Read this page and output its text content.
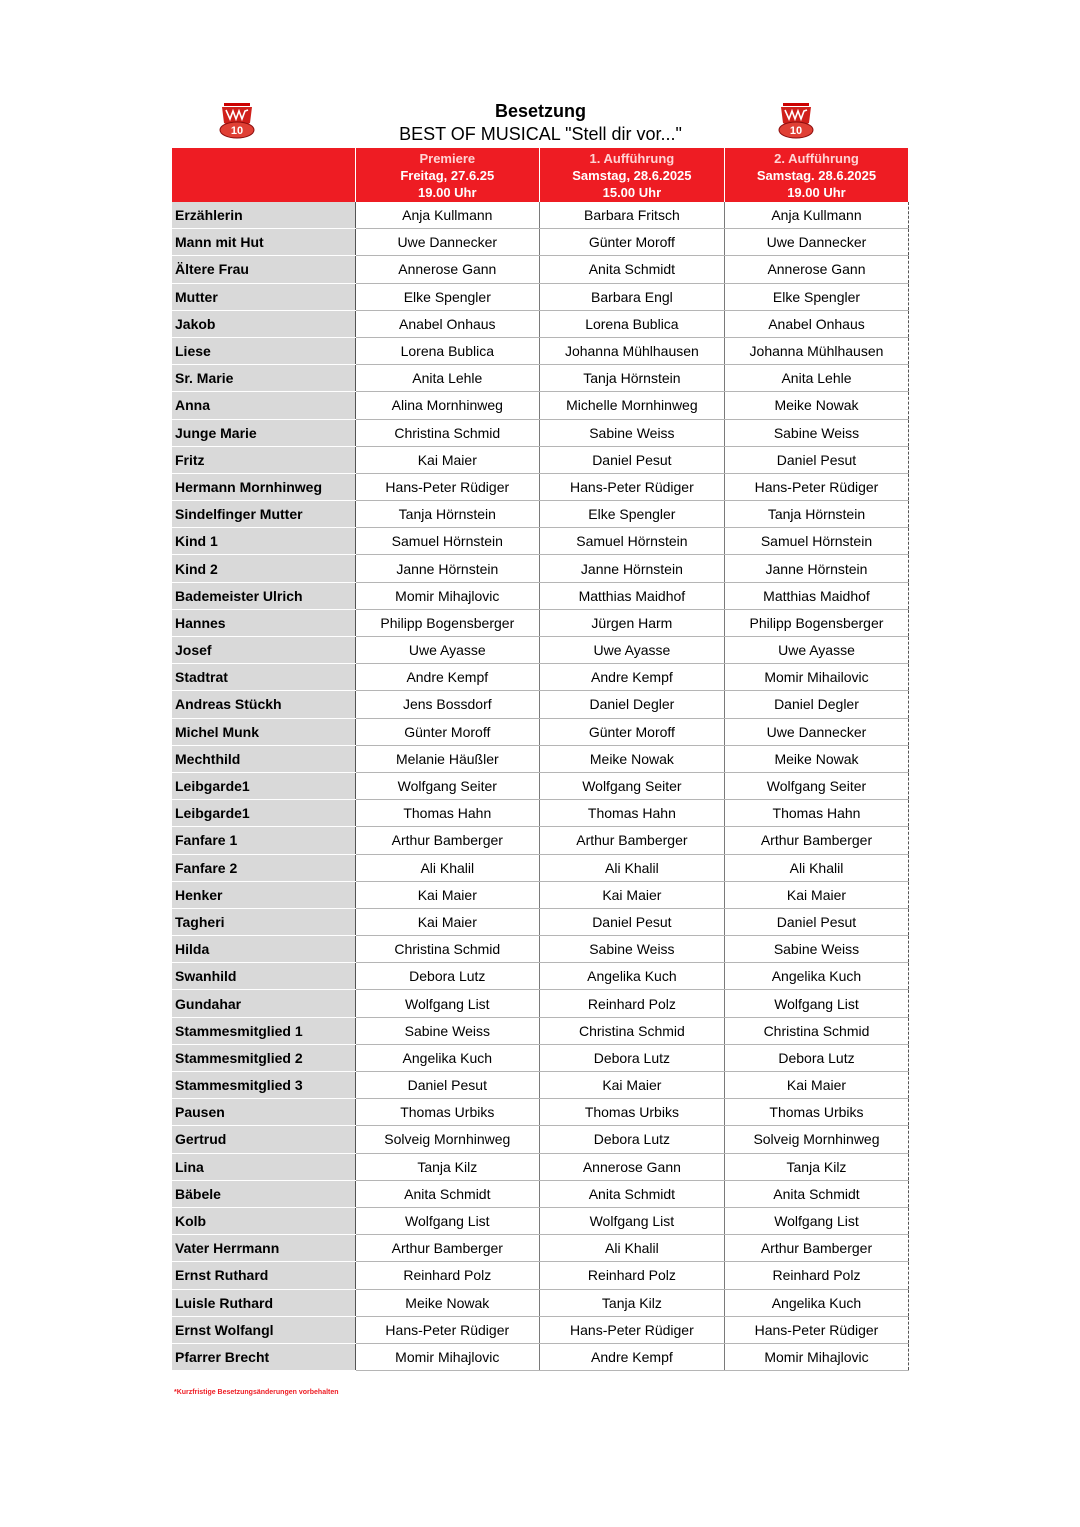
10	10
Besetzung
BEST OF MUSICAL "Stell dir vor..."

	Premiere
Freitag, 27.6.25
19.00 Uhr	1. Aufführung
Samstag, 28.6.2025
15.00 Uhr	2. Aufführung
Samstag. 28.6.2025
19.00 Uhr

Erzählerin	Anja Kullmann	Barbara Fritsch	Anja Kullmann
Mann mit Hut	Uwe Dannecker	Günter Moroff	Uwe Dannecker
Ältere Frau	Annerose Gann	Anita Schmidt	Annerose Gann
Mutter	Elke Spengler	Barbara Engl	Elke Spengler
Jakob	Anabel Onhaus	Lorena Bublica	Anabel Onhaus
Liese	Lorena Bublica	Johanna Mühlhausen	Johanna Mühlhausen
Sr. Marie	Anita Lehle	Tanja Hörnstein	Anita Lehle
Anna	Alina Mornhinweg	Michelle Mornhinweg	Meike Nowak
Junge Marie	Christina Schmid	Sabine Weiss	Sabine Weiss
Fritz	Kai Maier	Daniel Pesut	Daniel Pesut
Hermann Mornhinweg	Hans-Peter Rüdiger	Hans-Peter Rüdiger	Hans-Peter Rüdiger
Sindelfinger Mutter	Tanja Hörnstein	Elke Spengler	Tanja Hörnstein
Kind 1	Samuel Hörnstein	Samuel Hörnstein	Samuel Hörnstein
Kind 2	Janne Hörnstein	Janne Hörnstein	Janne Hörnstein
Bademeister Ulrich	Momir Mihajlovic	Matthias Maidhof	Matthias Maidhof
Hannes	Philipp Bogensberger	Jürgen Harm	Philipp Bogensberger
Josef	Uwe Ayasse	Uwe Ayasse	Uwe Ayasse
Stadtrat	Andre Kempf	Andre Kempf	Momir Mihailovic
Andreas Stückh	Jens Bossdorf	Daniel Degler	Daniel Degler
Michel Munk	Günter Moroff	Günter Moroff	Uwe Dannecker
Mechthild	Melanie Häußler	Meike Nowak	Meike Nowak
Leibgarde1	Wolfgang Seiter	Wolfgang Seiter	Wolfgang Seiter
Leibgarde1	Thomas Hahn	Thomas Hahn	Thomas Hahn
Fanfare 1	Arthur Bamberger	Arthur Bamberger	Arthur Bamberger
Fanfare 2	Ali Khalil	Ali Khalil	Ali Khalil
Henker	Kai Maier	Kai Maier	Kai Maier
Tagheri	Kai Maier	Daniel Pesut	Daniel Pesut
Hilda	Christina Schmid	Sabine Weiss	Sabine Weiss
Swanhild	Debora Lutz	Angelika Kuch	Angelika Kuch
Gundahar	Wolfgang List	Reinhard Polz	Wolfgang List
Stammesmitglied 1	Sabine Weiss	Christina Schmid	Christina Schmid
Stammesmitglied 2	Angelika Kuch	Debora Lutz	Debora Lutz
Stammesmitglied 3	Daniel Pesut	Kai Maier	Kai Maier
Pausen	Thomas Urbiks	Thomas Urbiks	Thomas Urbiks
Gertrud	Solveig Mornhinweg	Debora Lutz	Solveig Mornhinweg
Lina	Tanja Kilz	Annerose Gann	Tanja Kilz
Bäbele	Anita Schmidt	Anita Schmidt	Anita Schmidt
Kolb	Wolfgang List	Wolfgang List	Wolfgang List
Vater Herrmann	Arthur Bamberger	Ali Khalil	Arthur Bamberger
Ernst Ruthard	Reinhard Polz	Reinhard Polz	Reinhard Polz
Luisle Ruthard	Meike Nowak	Tanja Kilz	Angelika Kuch
Ernst Wolfangl	Hans-Peter Rüdiger	Hans-Peter Rüdiger	Hans-Peter Rüdiger
Pfarrer Brecht	Momir Mihajlovic	Andre Kempf	Momir Mihajlovic
*Kurzfristige Besetzungsänderungen vorbehalten
